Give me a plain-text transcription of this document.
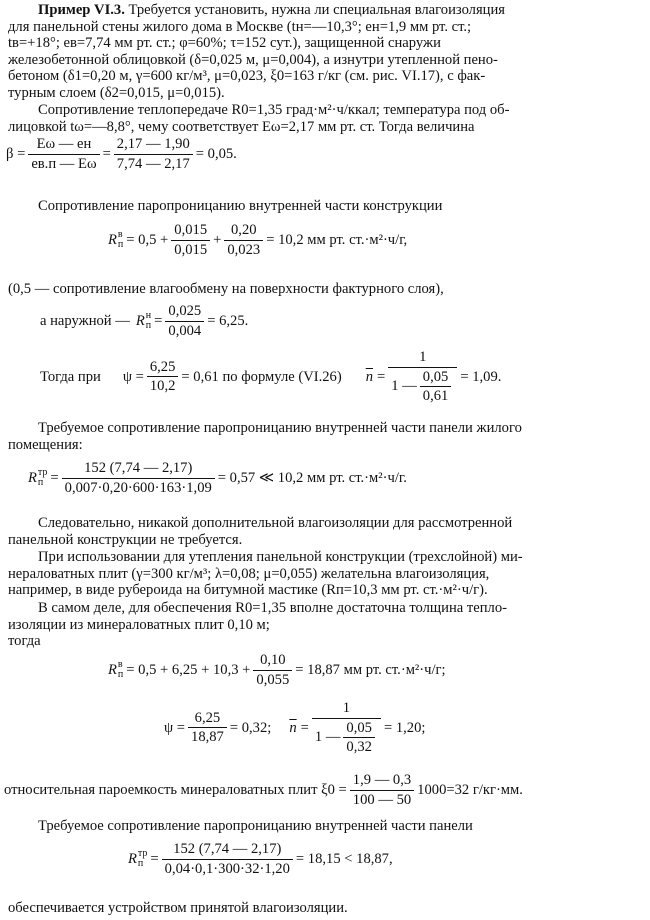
Пример VI.3. Требуется установить, нужна ли специальная влагоизоляция
для панельной стены жилого дома в Москве (tн=—10,3°; eн=1,9 мм рт. ст.;
tв=+18°; eв=7,74 мм рт. ст.; φ=60%; τ=152 сут.), защищенной снаружи
железобетонной облицовкой (δ=0,025 м, μ=0,004), а изнутри утепленной пено-
бетоном (δ1=0,20 м, γ=600 кг/м³, μ=0,023, ξ0=163 г/кг (см. рис. VI.17), с фак-
турным слоем (δ2=0,015, μ=0,015).
Сопротивление теплопередаче R0=1,35 град·м²·ч/ккал; температура под об-
лицовкой tω=—8,8°, чему соответствует Eω=2,17 мм рт. ст. Тогда величина
β =
Eω — eн
eв.п — Eω
= $\frac{2,17 — 1,90}{7,74 — 2,17} = 0,05$.
Сопротивление паропроницанию внутренней части конструкции
R в
$п = 0,5 + \frac{0,015}{0,015} + \frac{0,20}{0,023} = 10,2$ мм рт. ст.·м²·ч/г,
(0,5 — сопротивление влагообмену на поверхности фактурного слоя),
а наружной — R н
$п = \frac{0,025}{0,004} = 6,25$.
Тогда при $\psi = \frac{6,25}{10,2} = 0,61$ по формуле (VI.26) $\overline{n} = 1$
1 —
0,05
0,61 = 1,09.
Требуемое сопротивление паропроницанию внутренней части панели жилого
помещения:
R тр
$п = \frac{152 (7,74 — 2,17)}{0,007\cdot 0,20\cdot 600\cdot 163\cdot 1,09} = 0,57$ ≪ 10,2 мм рт. ст.·м²·ч/г.
Следовательно, никакой дополнительной влагоизоляции для рассмотренной
панельной конструкции не требуется.
При использовании для утепления панельной конструкции (трехслойной) ми-
нераловатных плит (γ=300 кг/м³; λ=0,08; μ=0,055) желательна влагоизоляция,
например, в виде рубероида на битумной мастике (Rп=10,3 мм рт. ст.·м²·ч/г).
В самом деле, для обеспечения R0=1,35 вполне достаточна толщина тепло-
изоляции из минераловатных плит 0,10 м;
тогда
R в
$п = 0,5 + 6,25 + 10,3 + \frac{0,10}{0,055} = 18,87$ мм рт. ст.·м²·ч/г;
$\psi = \frac{6,25}{18,87} = 0,32$; $\overline{n} = 1$
1 —
0,05
0,32 = 1,20;
относительная пароемкость минераловатных плит $\xi 0 = \frac{1,9 — 0,3}{100 — 50} 1000=32$ г/кг·мм.
Требуемое сопротивление паропроницанию внутренней части панели
R тр
$п = \frac{152 (7,74 — 2,17)}{0,04\cdot 0,1\cdot 300\cdot 32\cdot 1,20} = 18,15 < 18,87$,
обеспечивается устройством принятой влагоизоляции.
